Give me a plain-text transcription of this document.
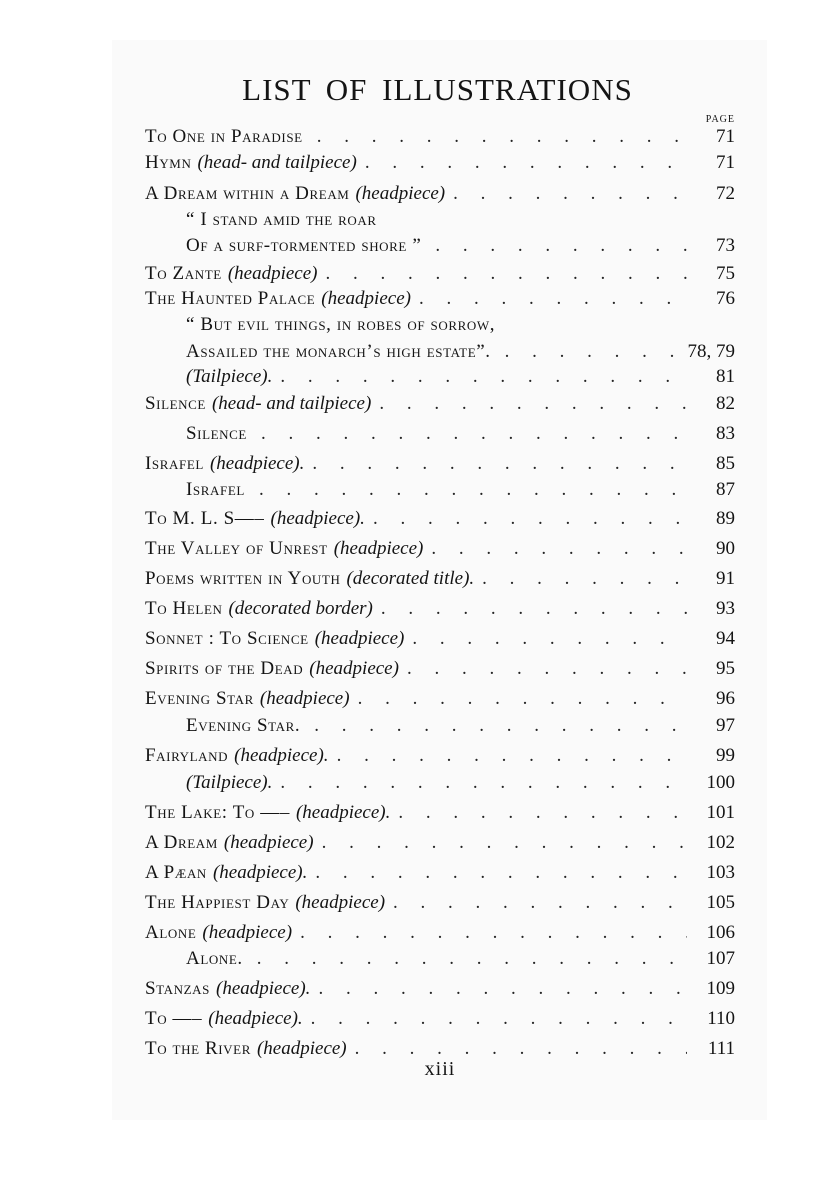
LIST OF ILLUSTRATIONS
PAGE
To One in Paradise . . .	71
Hymn (head- and tailpiece) . . .	71
A Dream within a Dream (headpiece) . . .	72
“ I stand amid the roar
Of a surf-tormented shore ” . . .	73
To Zante (headpiece) . . .	75
The Haunted Palace (headpiece) . . .	76
“ But evil things, in robes of sorrow,
Assailed the monarch’s high estate”. . . .	78, 79
(Tailpiece). . . .	81
Silence (head- and tailpiece) . . .	82
Silence . . .	83
Israfel (headpiece). . . .	85
Israfel . . .	87
To M. L. S—– (headpiece). . . .	89
The Valley of Unrest (headpiece) . . .	90
Poems written in Youth (decorated title). . . .	91
To Helen (decorated border) . . .	93
Sonnet : To Science (headpiece) . . .	94
Spirits of the Dead (headpiece) . . .	95
Evening Star (headpiece) . . .	96
Evening Star. . . .	97
Fairyland (headpiece). . . .	99
(Tailpiece). . . .	100
The Lake: To —– (headpiece). . . .	101
A Dream (headpiece) . . .	102
A Pæan (headpiece). . . .	103
The Happiest Day (headpiece) . . .	105
Alone (headpiece) . . .	106
Alone. . . .	107
Stanzas (headpiece). . . .	109
To —– (headpiece). . . .	110
To the River (headpiece) . . .	111
xiii
